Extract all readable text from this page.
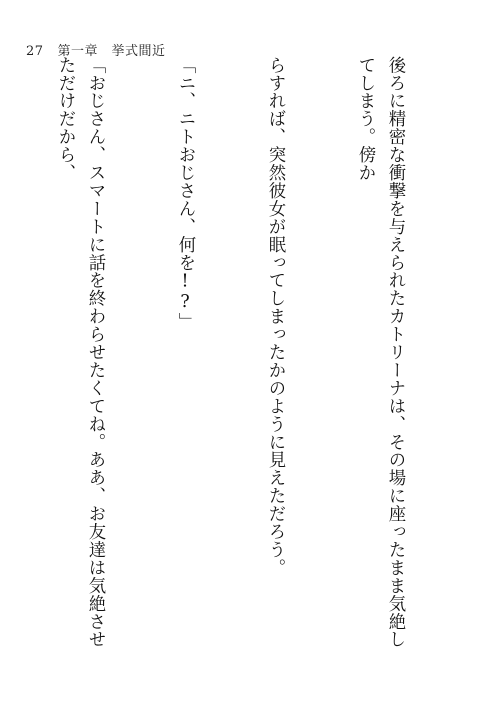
27 第一章　挙式間近

後ろに精密な衝撃を与えられたカトリーナは、その場に座ったまま気絶してしまう。傍か

らすれば、突然彼女が眠ってしまったかのように見えただろう。

「ニ、ニトおじさん、何を!?」

「おじさん、スマートに話を終わらせたくてね。ああ、お友達は気絶させただけだから、
